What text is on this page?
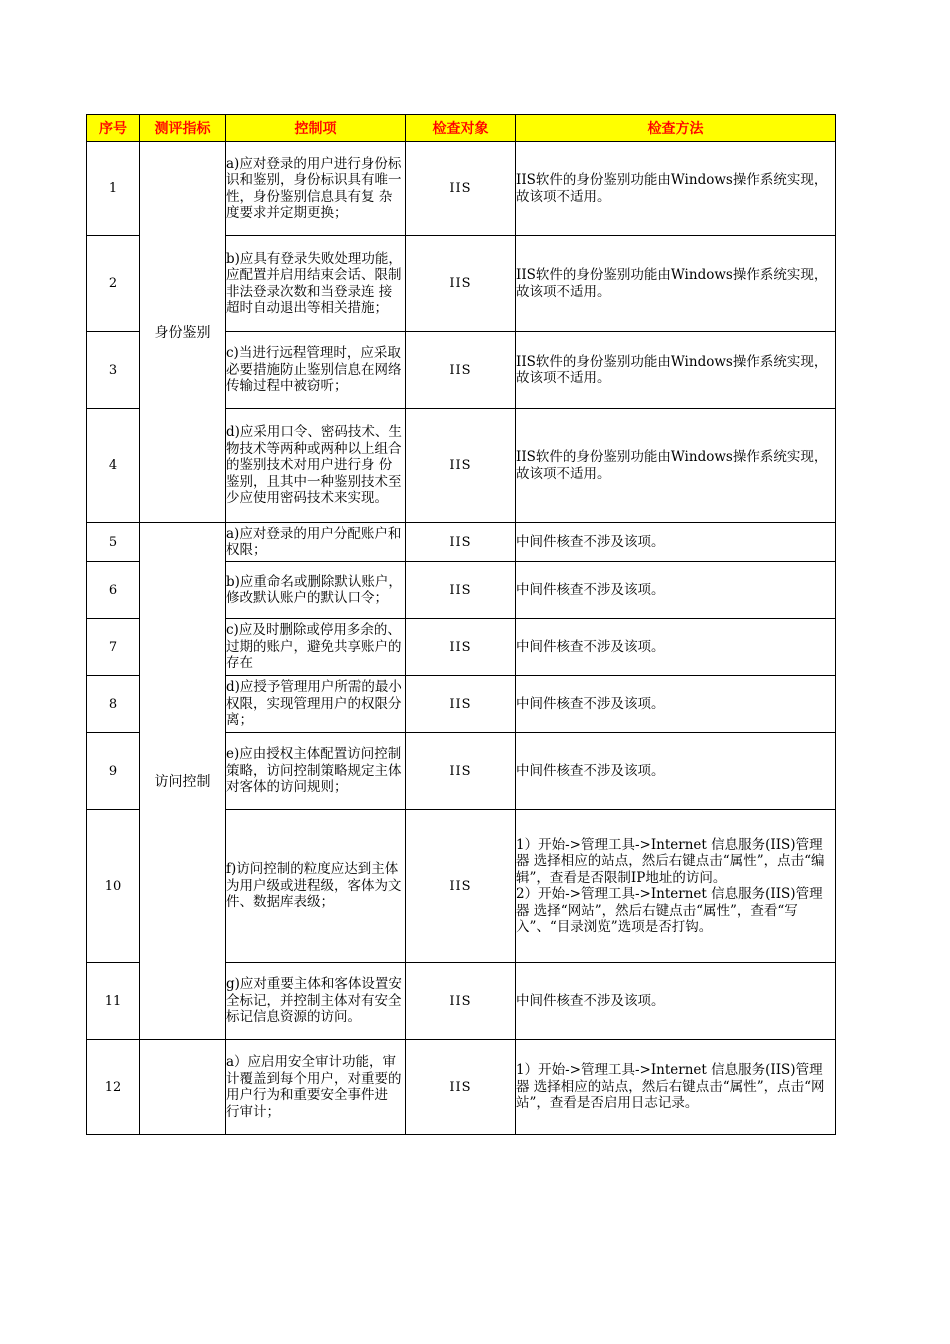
序号	测评指标	控制项	检查对象	检查方法
1	身份鉴别	a)应对登录的用户进行身份标识和鉴别，身份标识具有唯一性，身份鉴别信息具有复 杂度要求并定期更换；	IIS	IIS软件的身份鉴别功能由Windows操作系统实现，故该项不适用。
2		b)应具有登录失败处理功能，应配置并启用结束会话、限制非法登录次数和当登录连 接超时自动退出等相关措施；	IIS	IIS软件的身份鉴别功能由Windows操作系统实现，故该项不适用。
3		c)当进行远程管理时，应采取必要措施防止鉴别信息在网络传输过程中被窃听；	IIS	IIS软件的身份鉴别功能由Windows操作系统实现，故该项不适用。
4		d)应采用口令、密码技术、生物技术等两种或两种以上组合的鉴别技术对用户进行身 份鉴别，且其中一种鉴别技术至少应使用密码技术来实现。	IIS	IIS软件的身份鉴别功能由Windows操作系统实现，故该项不适用。
5	访问控制	a)应对登录的用户分配账户和权限；	IIS	中间件核查不涉及该项。
6		b)应重命名或删除默认账户，修改默认账户的默认口令；	IIS	中间件核查不涉及该项。
7		c)应及时删除或停用多余的、过期的账户，避免共享账户的存在	IIS	中间件核查不涉及该项。
8		d)应授予管理用户所需的最小权限，实现管理用户的权限分离；	IIS	中间件核查不涉及该项。
9		e)应由授权主体配置访问控制策略，访问控制策略规定主体对客体的访问规则；	IIS	中间件核查不涉及该项。
10		f)访问控制的粒度应达到主体为用户级或进程级，客体为文件、数据库表级；	IIS	1）开始->管理工具->Internet 信息服务(IIS)管理器 选择相应的站点，然后右键点击“属性”，点击“编辑”，查看是否限制IP地址的访问。
2）开始->管理工具->Internet 信息服务(IIS)管理器 选择“网站”，然后右键点击“属性”，查看“写入”、“目录浏览”选项是否打钩。

11		g)应对重要主体和客体设置安全标记，并控制主体对有安全标记信息资源的访问。	IIS	中间件核查不涉及该项。
12		a）应启用安全审计功能，审计覆盖到每个用户，对重要的用户行为和重要安全事件进 行审计；	IIS	1）开始->管理工具->Internet 信息服务(IIS)管理器 选择相应的站点，然后右键点击“属性”，点击“网站”，查看是否启用日志记录。
